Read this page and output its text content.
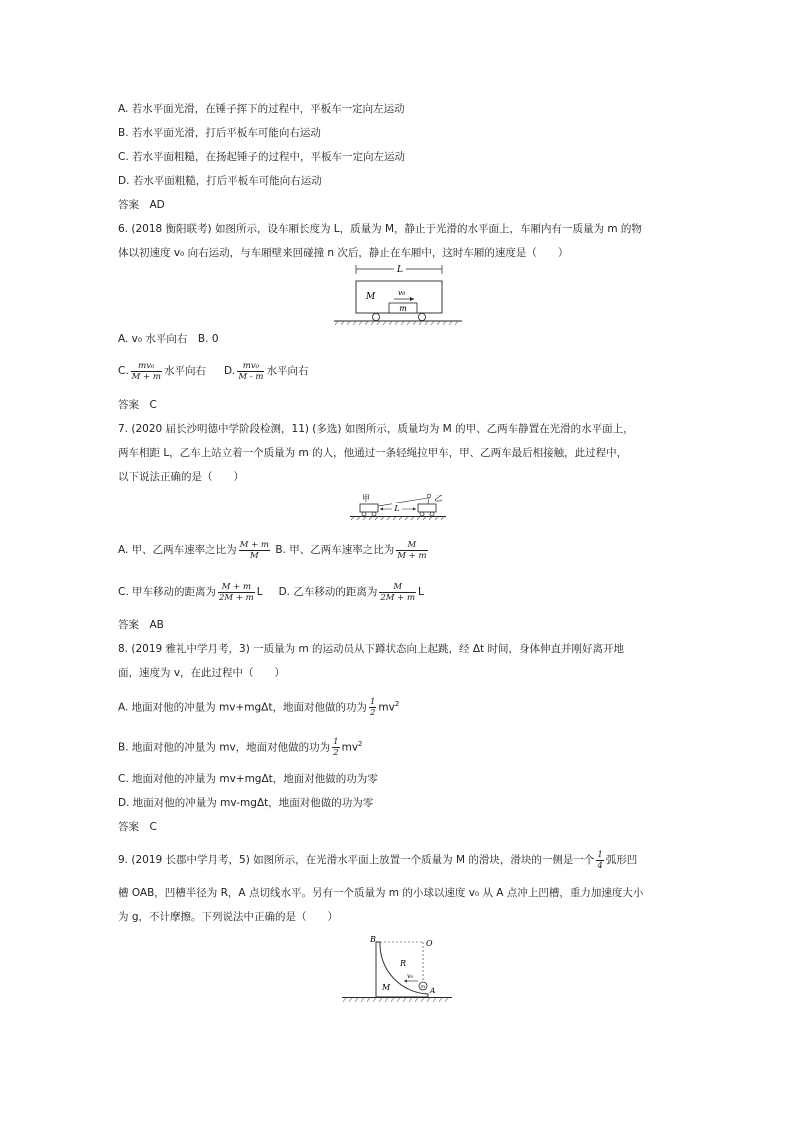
A. 若水平面光滑，在锤子挥下的过程中，平板车一定向左运动
B. 若水平面光滑，打后平板车可能向右运动
C. 若水平面粗糙，在扬起锤子的过程中，平板车一定向左运动
D. 若水平面粗糙，打后平板车可能向右运动
答案　AD
6. (2018 衡阳联考) 如图所示，设车厢长度为 L，质量为 M，静止于光滑的水平面上，车厢内有一质量为 m 的物
体以初速度 v₀ 向右运动，与车厢壁来回碰撞 n 次后，静止在车厢中，这时车厢的速度是（　　）
L
M	v₀
m
A. v₀ 水平向右　B. 0
C. $\frac{\text{mv₀}}{M + m}$ 水平向右 D. $\frac{\text{mv₀}}{M - m}$ 水平向右
答案　C
7. (2020 届长沙明德中学阶段检测，11) (多选) 如图所示，质量均为 M 的甲、乙两车静置在光滑的水平面上，
两车相距 L，乙车上站立着一个质量为 m 的人，他通过一条轻绳拉甲车，甲、乙两车最后相接触，此过程中，
以下说法正确的是（　　）
甲	乙
L
A. 甲、乙两车速率之比为 $\frac{M + m}{M} B$. 甲、乙两车速率之比为 $\frac{M}{M + m}$
C. 甲车移动的距离为 $\frac{M + m}{2M + m}$ L D. 乙车移动的距离为 $\frac{M}{2M + m}$ L
答案　AB
8. (2019 雅礼中学月考，3) 一质量为 m 的运动员从下蹲状态向上起跳，经 Δt 时间，身体伸直并刚好离开地
面，速度为 v，在此过程中（　　）
A. 地面对他的冲量为 mv+mgΔt，地面对他做的功为 $\frac{1}{2} mv^2$
B. 地面对他的冲量为 mv，地面对他做的功为 $\frac{1}{2} mv^2$
C. 地面对他的冲量为 mv+mgΔt，地面对他做的功为零
D. 地面对他的冲量为 mv-mgΔt，地面对他做的功为零
答案　C
9. (2019 长郡中学月考，5) 如图所示，在光滑水平面上放置一个质量为 M 的滑块，滑块的一侧是一个 $\frac{1}{4}$ 弧形凹
槽 OAB，凹槽半径为 R，A 点切线水平。另有一个质量为 m 的小球以速度 v₀ 从 A 点冲上凹槽，重力加速度大小
为 g，不计摩擦。下列说法中正确的是（　　）
B	O
R
v₀
m A
M
